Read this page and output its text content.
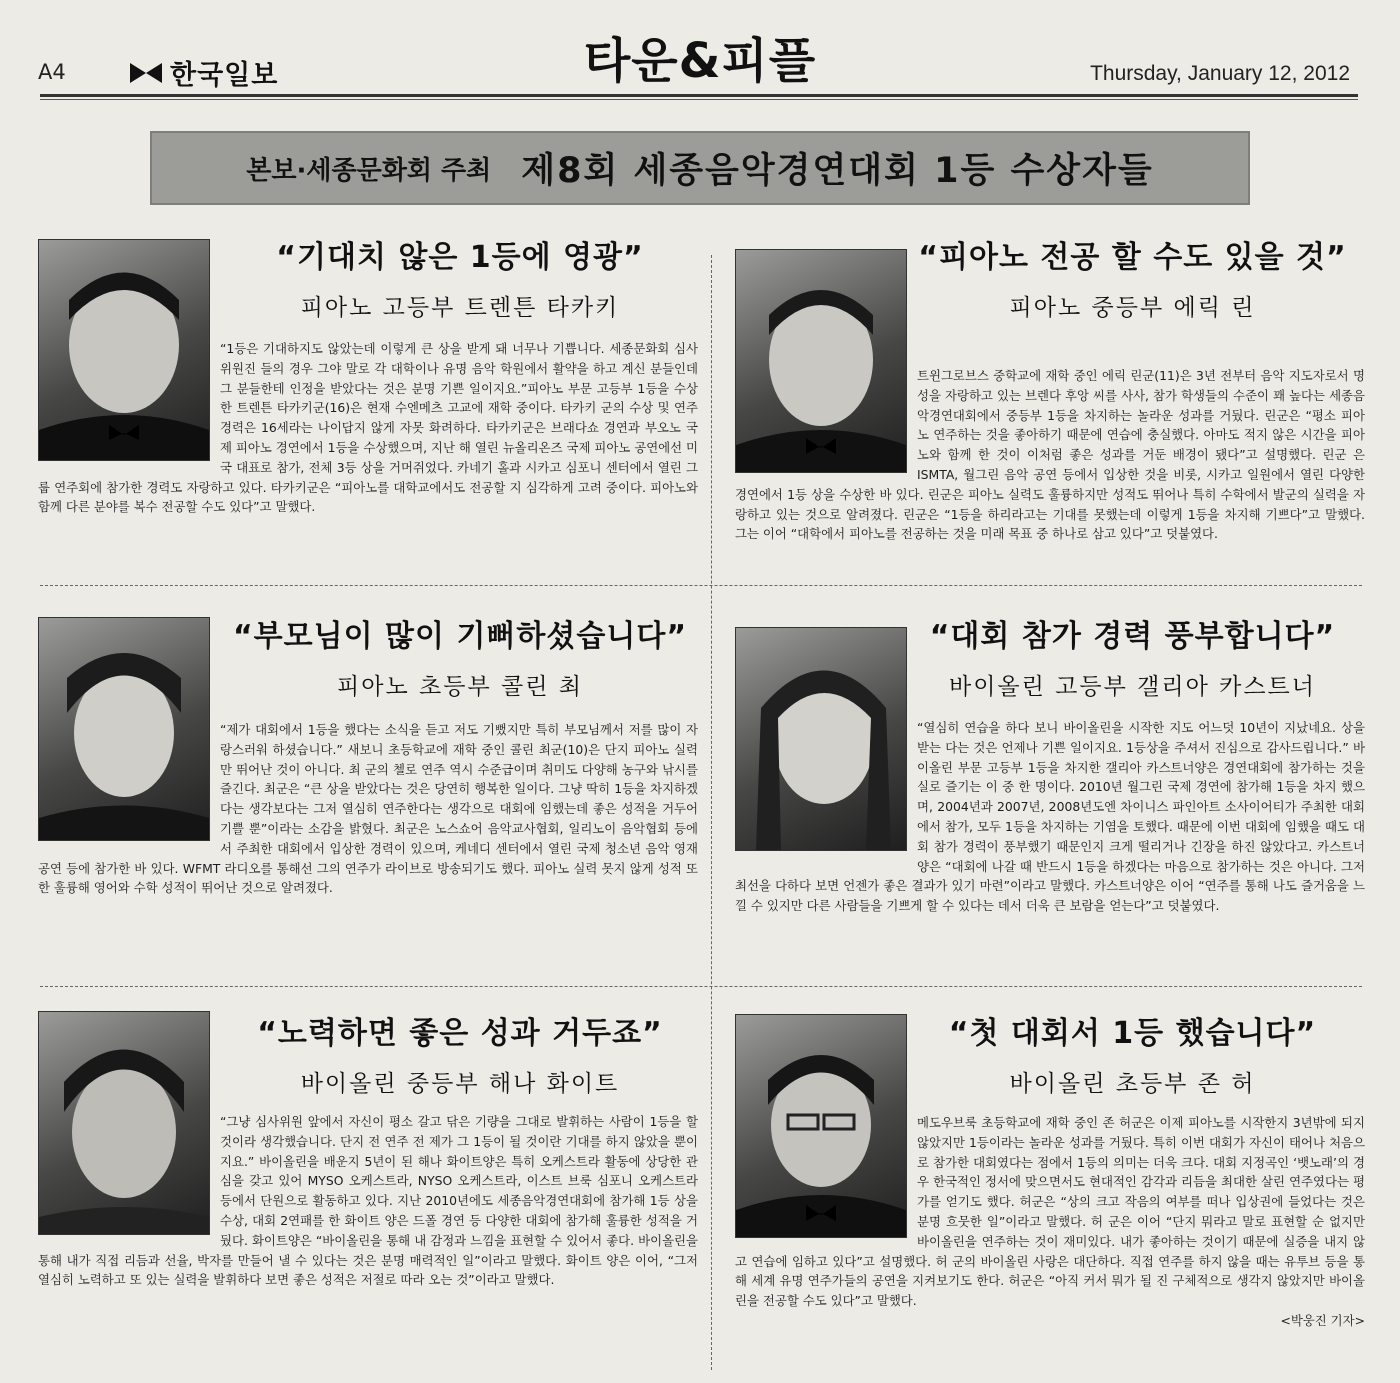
A4	한국일보	타운&피플	Thursday, January 12, 2012
본보·세종문화회 주최 제8회 세종음악경연대회 1등 수상자들
“기대치 않은 1등에 영광”
피아노 고등부 트렌튼 타카키

“1등은 기대하지도 않았는데 이렇게 큰 상을 받게 돼 너무나 기쁩니다. 세종문화회 심사 위원진 들의 경우 그야 말로 각 대학이나 유명 음악 학원에서 활약을 하고 계신 분들인데 그 분들한테 인정을 받았다는 것은 분명 기쁜 일이지요.”피아노 부문 고등부 1등을 수상한 트렌튼 타카키군(16)은 현재 수엔메츠 고교에 재학 중이다. 타카키 군의 수상 및 연주 경력은 16세라는 나이답지 않게 자못 화려하다. 타카키군은 브래다쇼 경연과 부오노 국제 피아노 경연에서 1등을 수상했으며, 지난 해 열린 뉴올리온즈 국제 피아노 공연에선 미국 대표로 참가, 전체 3등 상을 거머쥐었다. 카네기 홀과 시카고 심포니 센터에서 열린 그룹 연주회에 참가한 경력도 자랑하고 있다. 타카키군은 “피아노를 대학교에서도 전공할 지 심각하게 고려 중이다. 피아노와 함께 다른 분야를 복수 전공할 수도 있다”고 말했다.

“피아노 전공 할 수도 있을 것”
피아노 중등부 에릭 린

트윈그로브스 중학교에 재학 중인 에릭 린군(11)은 3년 전부터 음악 지도자로서 명성을 자랑하고 있는 브렌다 후앙 씨를 사사, 참가 학생들의 수준이 꽤 높다는 세종음악경연대회에서 중등부 1등을 차지하는 놀라운 성과를 거뒀다. 린군은 “평소 피아노 연주하는 것을 좋아하기 때문에 연습에 충실했다. 아마도 적지 않은 시간을 피아노와 함께 한 것이 이처럼 좋은 성과를 거둔 배경이 됐다”고 설명했다. 린군 은 ISMTA, 월그린 음악 공연 등에서 입상한 것을 비롯, 시카고 일원에서 열린 다양한 경연에서 1등 상을 수상한 바 있다. 린군은 피아노 실력도 훌륭하지만 성적도 뛰어나 특히 수학에서 발군의 실력을 자랑하고 있는 것으로 알려졌다. 린군은 “1등을 하리라고는 기대를 못했는데 이렇게 1등을 차지해 기쁘다”고 말했다. 그는 이어 “대학에서 피아노를 전공하는 것을 미래 목표 중 하나로 삼고 있다”고 덧붙였다.

“부모님이 많이 기뻐하셨습니다”
피아노 초등부 콜린 최

“제가 대회에서 1등을 했다는 소식을 듣고 저도 기뻤지만 특히 부모님께서 저를 많이 자랑스러워 하셨습니다.” 새보니 초등학교에 재학 중인 콜린 최군(10)은 단지 피아노 실력만 뛰어난 것이 아니다. 최 군의 첼로 연주 역시 수준급이며 취미도 다양해 농구와 낚시를 즐긴다. 최군은 “큰 상을 받았다는 것은 당연히 행복한 일이다. 그냥 딱히 1등을 차지하겠다는 생각보다는 그저 열심히 연주한다는 생각으로 대회에 임했는데 좋은 성적을 거두어 기쁠 뿐”이라는 소감을 밝혔다. 최군은 노스쇼어 음악교사협회, 일리노이 음악협회 등에서 주최한 대회에서 입상한 경력이 있으며, 케네디 센터에서 열린 국제 청소년 음악 영재 공연 등에 참가한 바 있다. WFMT 라디오를 통해선 그의 연주가 라이브로 방송되기도 했다. 피아노 실력 못지 않게 성적 또한 훌륭해 영어와 수학 성적이 뛰어난 것으로 알려졌다.

“대회 참가 경력 풍부합니다”
바이올린 고등부 갤리아 카스트너

“열심히 연습을 하다 보니 바이올린을 시작한 지도 어느덧 10년이 지났네요. 상을 받는 다는 것은 언제나 기쁜 일이지요. 1등상을 주셔서 진심으로 감사드립니다.” 바이올린 부문 고등부 1등을 차지한 갤리아 카스트너양은 경연대회에 참가하는 것을 실로 즐기는 이 중 한 명이다. 2010년 월그린 국제 경연에 참가해 1등을 차지 했으며, 2004년과 2007년, 2008년도엔 차이니스 파인아트 소사이어티가 주최한 대회에서 참가, 모두 1등을 차지하는 기염을 토했다. 때문에 이번 대회에 임했을 때도 대회 참가 경력이 풍부했기 때문인지 크게 떨리거나 긴장을 하진 않았다고. 카스트너양은 “대회에 나갈 때 반드시 1등을 하겠다는 마음으로 참가하는 것은 아니다. 그저 최선을 다하다 보면 언젠가 좋은 결과가 있기 마련”이라고 말했다. 카스트너양은 이어 “연주를 통해 나도 즐거움을 느낄 수 있지만 다른 사람들을 기쁘게 할 수 있다는 데서 더욱 큰 보람을 얻는다”고 덧붙였다.

“노력하면 좋은 성과 거두죠”
바이올린 중등부 해나 화이트

“그냥 심사위원 앞에서 자신이 평소 갈고 닦은 기량을 그대로 발휘하는 사람이 1등을 할 것이라 생각했습니다. 단지 전 연주 전 제가 그 1등이 될 것이란 기대를 하지 않았을 뿐이지요.” 바이올린을 배운지 5년이 된 해나 화이트양은 특히 오케스트라 활동에 상당한 관심을 갖고 있어 MYSO 오케스트라, NYSO 오케스트라, 이스트 브룩 심포니 오케스트라 등에서 단원으로 활동하고 있다. 지난 2010년에도 세종음악경연대회에 참가해 1등 상을 수상, 대회 2연패를 한 화이트 양은 드폴 경연 등 다양한 대회에 참가해 훌륭한 성적을 거뒀다. 화이트양은 “바이올린을 통해 내 감정과 느낌을 표현할 수 있어서 좋다. 바이올린을 통해 내가 직접 리듬과 선율, 박자를 만들어 낼 수 있다는 것은 분명 매력적인 일”이라고 말했다. 화이트 양은 이어, “그저 열심히 노력하고 또 있는 실력을 발휘하다 보면 좋은 성적은 저절로 따라 오는 것”이라고 말했다.

“첫 대회서 1등 했습니다”
바이올린 초등부 존 허

메도우브룩 초등학교에 재학 중인 존 허군은 이제 피아노를 시작한지 3년밖에 되지 않았지만 1등이라는 놀라운 성과를 거뒀다. 특히 이번 대회가 자신이 태어나 처음으로 참가한 대회였다는 점에서 1등의 의미는 더욱 크다. 대회 지정곡인 ‘뱃노래’의 경우 한국적인 정서에 맞으면서도 현대적인 감각과 리듬을 최대한 살린 연주였다는 평가를 얻기도 했다. 허군은 “상의 크고 작음의 여부를 떠나 입상권에 들었다는 것은 분명 흐뭇한 일”이라고 말했다. 허 군은 이어 “단지 뭐라고 말로 표현할 순 없지만 바이올린을 연주하는 것이 재미있다. 내가 좋아하는 것이기 때문에 실증을 내지 않고 연습에 임하고 있다”고 설명했다. 허 군의 바이올린 사랑은 대단하다. 직접 연주를 하지 않을 때는 유투브 등을 통해 세계 유명 연주가들의 공연을 지켜보기도 한다. 허군은 “아직 커서 뭐가 될 진 구체적으로 생각지 않았지만 바이올린을 전공할 수도 있다”고 말했다.

<박웅진 기자>
